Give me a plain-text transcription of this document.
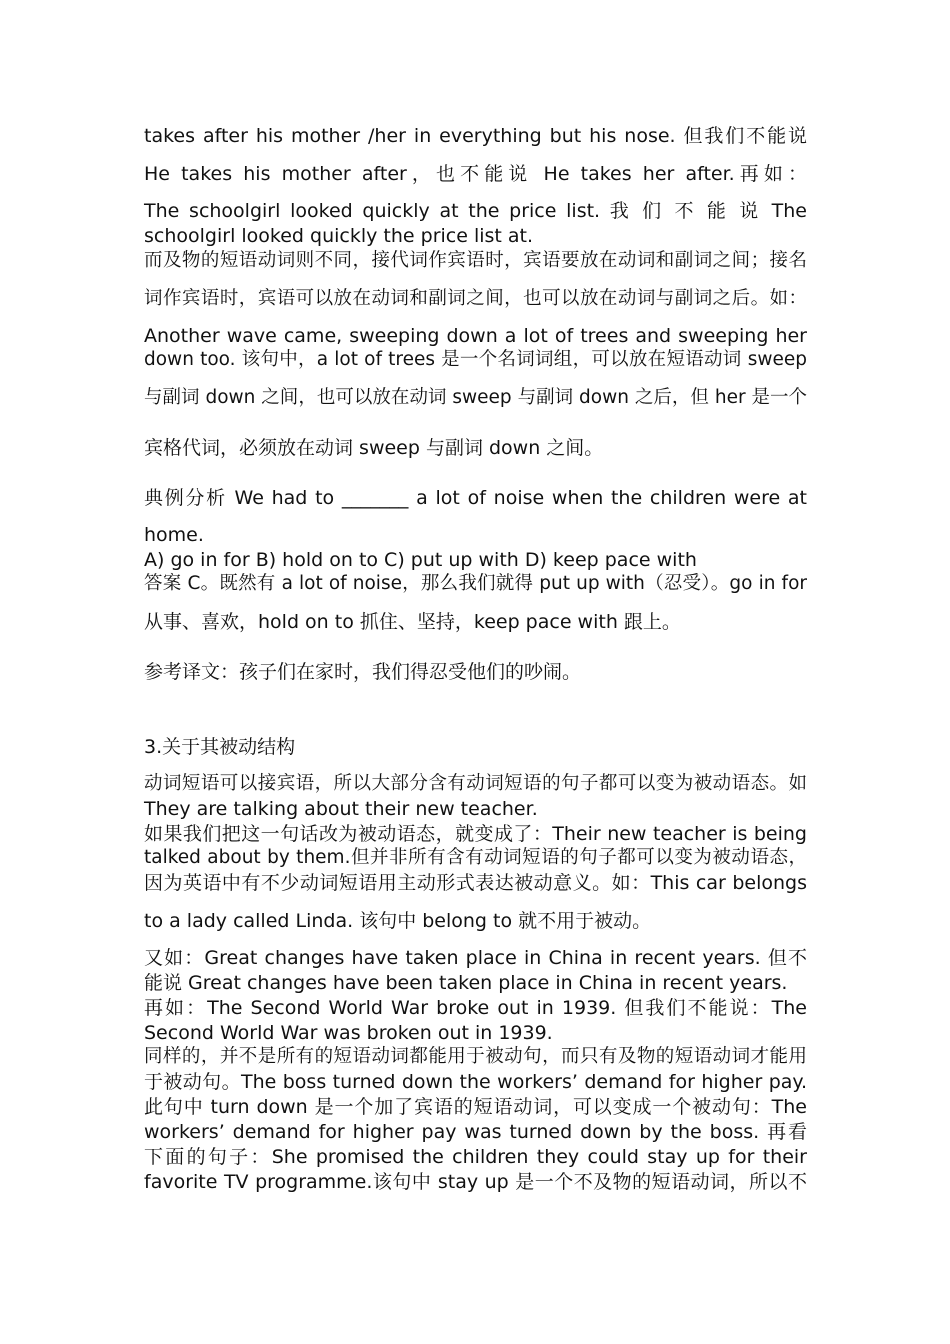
takes after his mother /her in everything but his nose. 但我们不能说
He takes his mother after，也不能说 He takes her after.再如：
The schoolgirl looked quickly at the price list. 我 们 不 能 说 The
schoolgirl looked quickly the price list at.
而及物的短语动词则不同，接代词作宾语时，宾语要放在动词和副词之间；接名
词作宾语时，宾语可以放在动词和副词之间，也可以放在动词与副词之后。如：
Another wave came, sweeping down a lot of trees and sweeping her
down too. 该句中，a lot of trees 是一个名词词组，可以放在短语动词 sweep
与副词 down 之间，也可以放在动词 sweep 与副词 down 之后，但 her 是一个
宾格代词，必须放在动词 sweep 与副词 down 之间。
典例分析 We had to _______ a lot of noise when the children were at
home.
A) go in for B) hold on to C) put up with D) keep pace with
答案 C。既然有 a lot of noise，那么我们就得 put up with（忍受）。go in for
从事、喜欢，hold on to 抓住、坚持，keep pace with 跟上。
参考译文：孩子们在家时，我们得忍受他们的吵闹。
3.关于其被动结构
动词短语可以接宾语，所以大部分含有动词短语的句子都可以变为被动语态。如
They are talking about their new teacher.
如果我们把这一句话改为被动语态，就变成了：Their new teacher is being
talked about by them.但并非所有含有动词短语的句子都可以变为被动语态，
因为英语中有不少动词短语用主动形式表达被动意义。如：This car belongs
to a lady called Linda. 该句中 belong to 就不用于被动。
又如：Great changes have taken place in China in recent years. 但不
能说 Great changes have been taken place in China in recent years.
再如：The Second World War broke out in 1939. 但我们不能说：The
Second World War was broken out in 1939.
同样的，并不是所有的短语动词都能用于被动句，而只有及物的短语动词才能用
于被动句。The boss turned down the workers’ demand for higher pay.
此句中 turn down 是一个加了宾语的短语动词，可以变成一个被动句：The
workers’ demand for higher pay was turned down by the boss. 再看
下面的句子：She promised the children they could stay up for their
favorite TV programme.该句中 stay up 是一个不及物的短语动词，所以不
